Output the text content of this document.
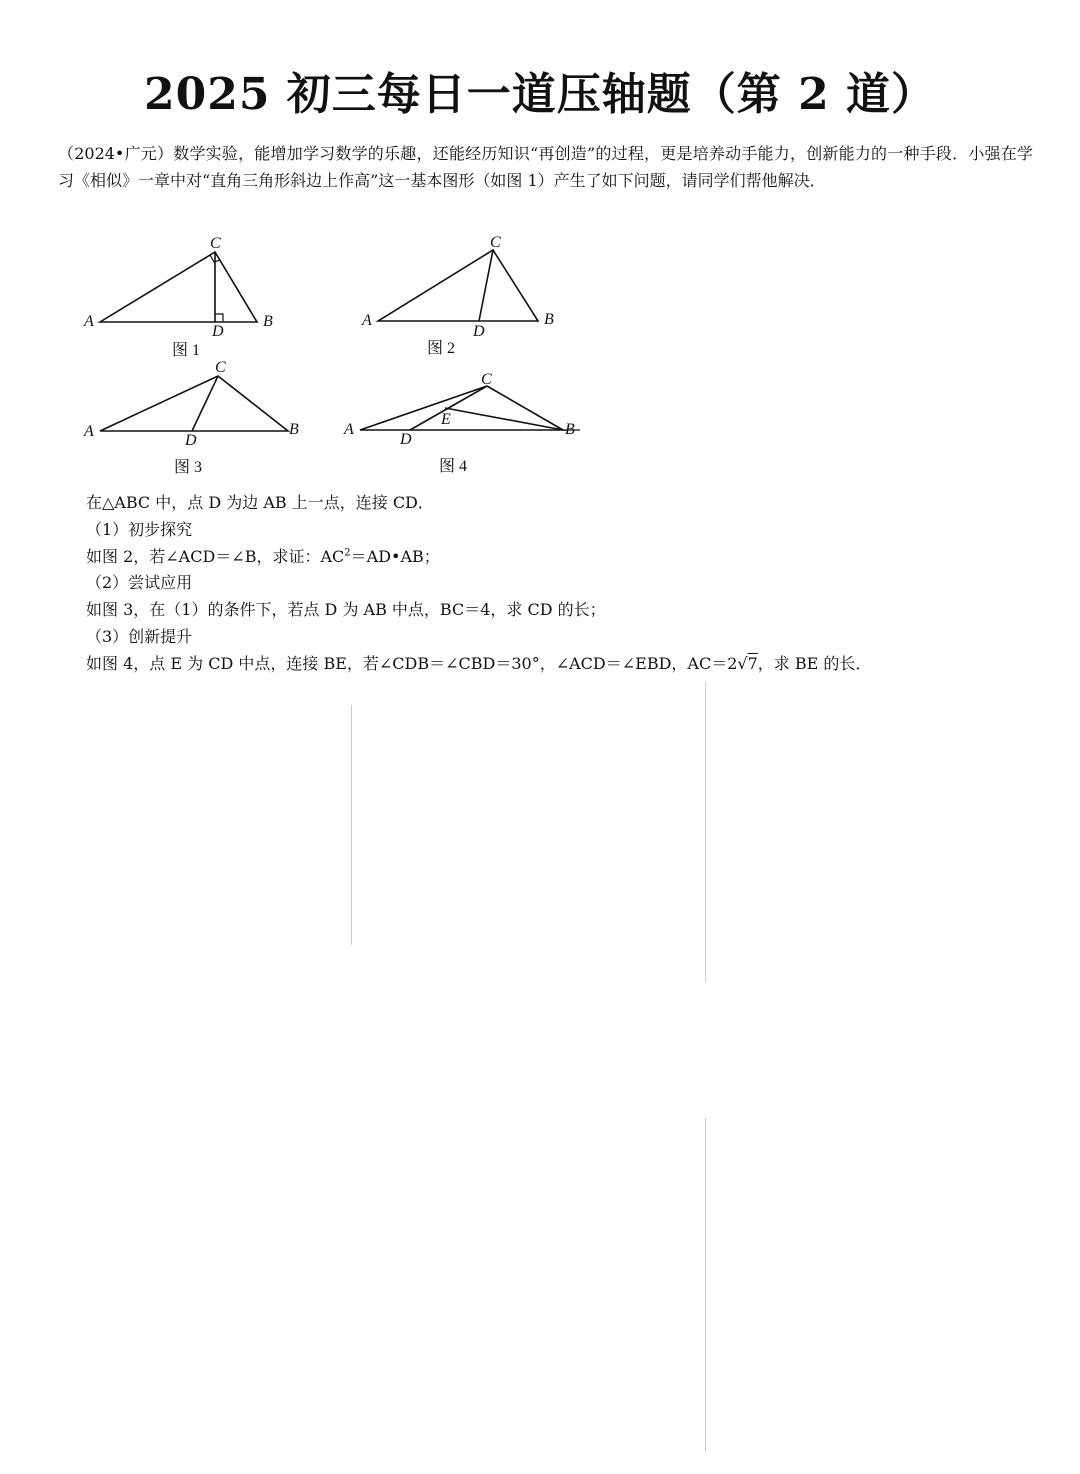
2025 初三每日一道压轴题（第 2 道）
（2024•广元）数学实验，能增加学习数学的乐趣，还能经历知识“再创造”的过程，更是培养动手能力，创新能力的一种手段．小强在学习《相似》一章中对“直角三角形斜边上作高”这一基本图形（如图 1）产生了如下问题，请同学们帮他解决．
A
C
B
D
图 1
A
C
B
D
图 2
A
C
B
D
图 3
A
C
B
D
E
图 4

在△ABC 中，点 D 为边 AB 上一点，连接 CD．

（1）初步探究

如图 2，若∠ACD＝∠B，求证：$AC^2=AD•AB$；

（2）尝试应用

如图 3，在（1）的条件下，若点 D 为 AB 中点，BC＝4，求 CD 的长；

（3）创新提升

如图 4，点 E 为 CD 中点，连接 BE，若∠CDB＝∠CBD＝30°，∠ACD＝∠EBD，AC＝2√7，求 BE 的长．
